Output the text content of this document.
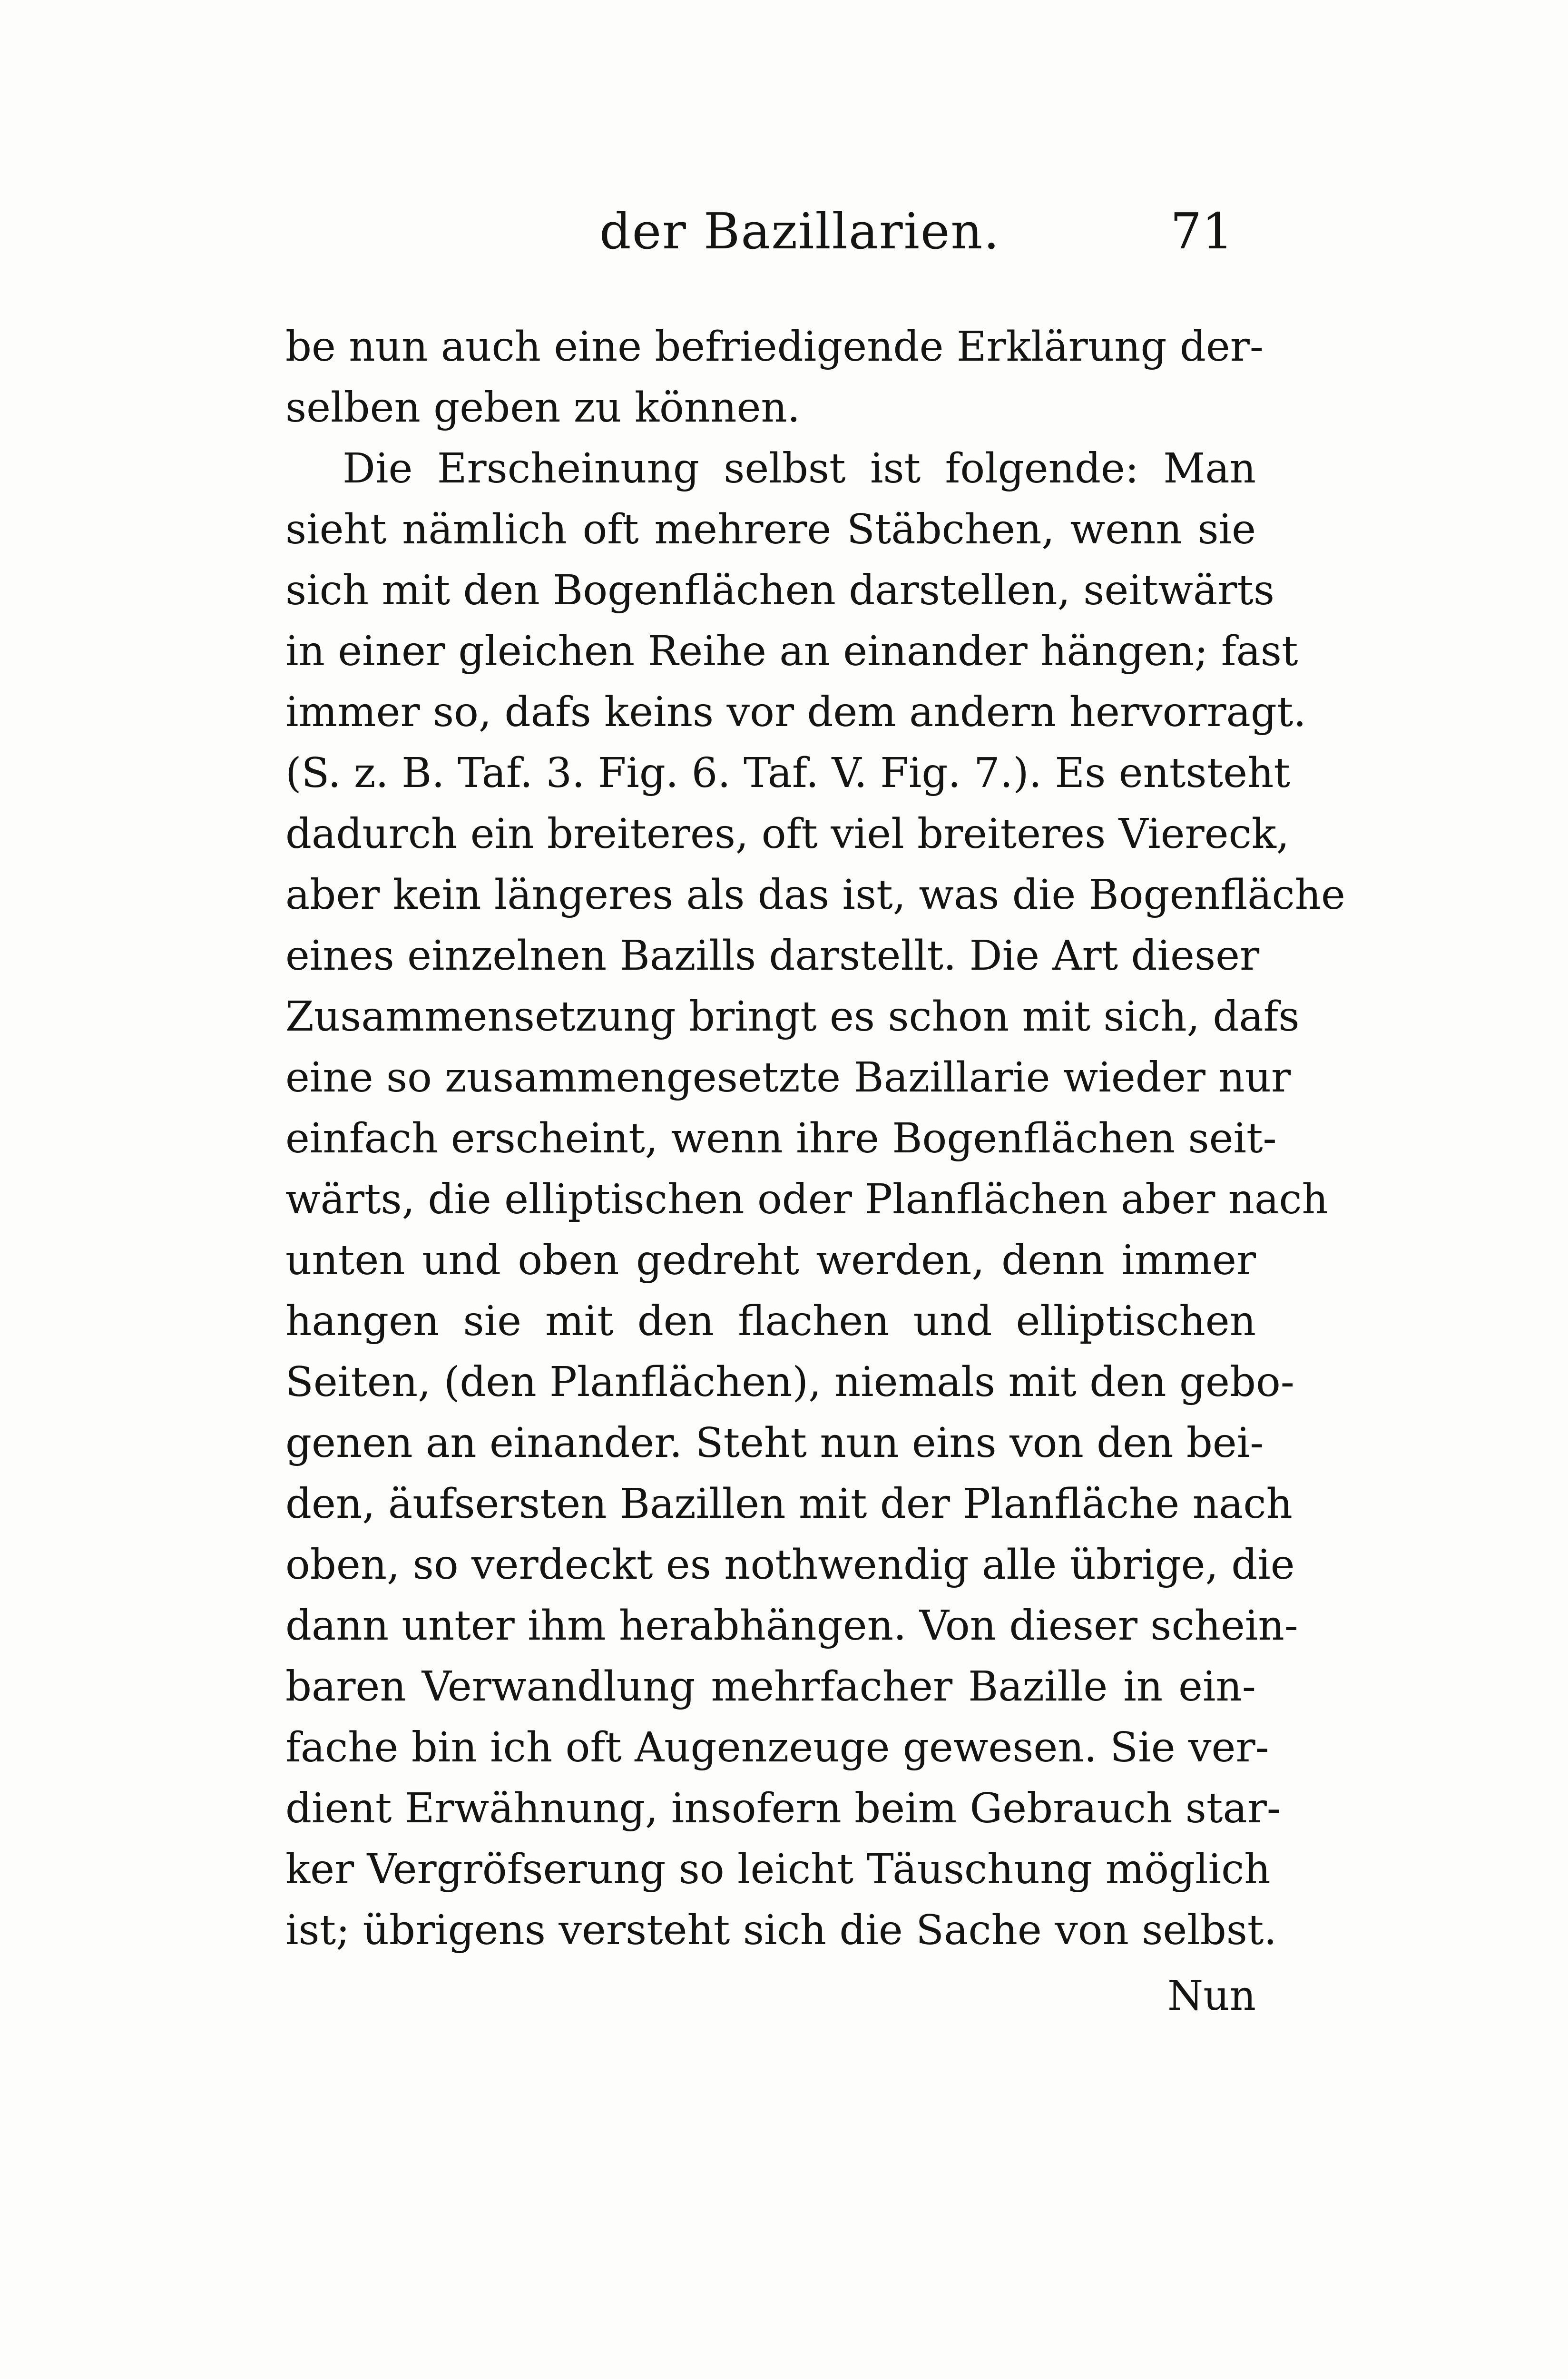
der Bazillarien.	71
be nun auch eine befriedigende Erklärung der-
selben geben zu können.
Die Erscheinung selbst ist folgende: Man
sieht nämlich oft mehrere Stäbchen, wenn sie
sich mit den Bogenflächen darstellen, seitwärts
in einer gleichen Reihe an einander hängen; fast
immer so, dafs keins vor dem andern hervorragt.
(S. z. B. Taf. 3. Fig. 6. Taf. V. Fig. 7.). Es entsteht
dadurch ein breiteres, oft viel breiteres Viereck,
aber kein längeres als das ist, was die Bogenfläche
eines einzelnen Bazills darstellt. Die Art dieser
Zusammensetzung bringt es schon mit sich, dafs
eine so zusammengesetzte Bazillarie wieder nur
einfach erscheint, wenn ihre Bogenflächen seit-
wärts, die elliptischen oder Planflächen aber nach
unten und oben gedreht werden, denn immer
hangen sie mit den flachen und elliptischen
Seiten, (den Planflächen), niemals mit den gebo-
genen an einander. Steht nun eins von den bei-
den, äufsersten Bazillen mit der Planfläche nach
oben, so verdeckt es nothwendig alle übrige, die
dann unter ihm herabhängen. Von dieser schein-
baren Verwandlung mehrfacher Bazille in ein-
fache bin ich oft Augenzeuge gewesen. Sie ver-
dient Erwähnung, insofern beim Gebrauch star-
ker Vergröfserung so leicht Täuschung möglich
ist; übrigens versteht sich die Sache von selbst.
Nun
